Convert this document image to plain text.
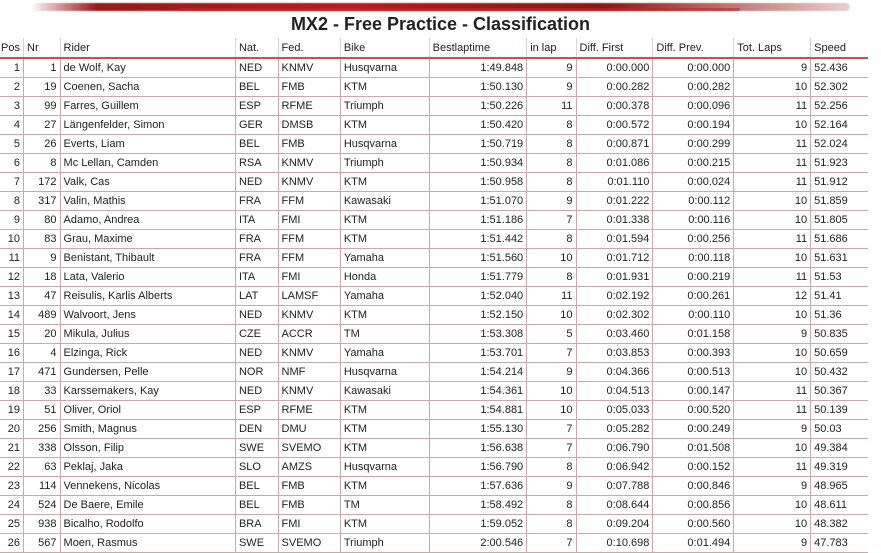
MX2 - Free Practice - Classification
Pos	Nr	Rider	Nat.	Fed.	Bike	Bestlaptime	in lap	Diff. First	Diff. Prev.	Tot. Laps	Speed
1	1	de Wolf, Kay	NED	KNMV	Husqvarna	1:49.848	9	0:00.000	0:00.000	9	52.436
2	19	Coenen, Sacha	BEL	FMB	KTM	1:50.130	9	0:00.282	0:00.282	10	52.302
3	99	Farres, Guillem	ESP	RFME	Triumph	1:50.226	11	0:00.378	0:00.096	11	52.256
4	27	Längenfelder, Simon	GER	DMSB	KTM	1:50.420	8	0:00.572	0:00.194	10	52.164
5	26	Everts, Liam	BEL	FMB	Husqvarna	1:50.719	8	0:00.871	0:00.299	11	52.024
6	8	Mc Lellan, Camden	RSA	KNMV	Triumph	1:50.934	8	0:01.086	0:00.215	11	51.923
7	172	Valk, Cas	NED	KNMV	KTM	1:50.958	8	0:01.110	0:00.024	11	51.912
8	317	Valin, Mathis	FRA	FFM	Kawasaki	1:51.070	9	0:01.222	0:00.112	10	51.859
9	80	Adamo, Andrea	ITA	FMI	KTM	1:51.186	7	0:01.338	0:00.116	10	51.805
10	83	Grau, Maxime	FRA	FFM	KTM	1:51.442	8	0:01.594	0:00.256	11	51.686
11	9	Benistant, Thibault	FRA	FFM	Yamaha	1:51.560	10	0:01.712	0:00.118	10	51.631
12	18	Lata, Valerio	ITA	FMI	Honda	1:51.779	8	0:01.931	0:00.219	11	51.53
13	47	Reisulis, Karlis Alberts	LAT	LAMSF	Yamaha	1:52.040	11	0:02.192	0:00.261	12	51.41
14	489	Walvoort, Jens	NED	KNMV	KTM	1:52.150	10	0:02.302	0:00.110	10	51.36
15	20	Mikula, Julius	CZE	ACCR	TM	1:53.308	5	0:03.460	0:01.158	9	50.835
16	4	Elzinga, Rick	NED	KNMV	Yamaha	1:53.701	7	0:03.853	0:00.393	10	50.659
17	471	Gundersen, Pelle	NOR	NMF	Husqvarna	1:54.214	9	0:04.366	0:00.513	10	50.432
18	33	Karssemakers, Kay	NED	KNMV	Kawasaki	1:54.361	10	0:04.513	0:00.147	11	50.367
19	51	Oliver, Oriol	ESP	RFME	KTM	1:54.881	10	0:05.033	0:00.520	11	50.139
20	256	Smith, Magnus	DEN	DMU	KTM	1:55.130	7	0:05.282	0:00.249	9	50.03
21	338	Olsson, Filip	SWE	SVEMO	KTM	1:56.638	7	0:06.790	0:01.508	10	49.384
22	63	Peklaj, Jaka	SLO	AMZS	Husqvarna	1:56.790	8	0:06.942	0:00.152	11	49.319
23	114	Vennekens, Nicolas	BEL	FMB	KTM	1:57.636	9	0:07.788	0:00.846	9	48.965
24	524	De Baere, Emile	BEL	FMB	TM	1:58.492	8	0:08.644	0:00.856	10	48.611
25	938	Bicalho, Rodolfo	BRA	FMI	KTM	1:59.052	8	0:09.204	0:00.560	10	48.382
26	567	Moen, Rasmus	SWE	SVEMO	Triumph	2:00.546	7	0:10.698	0:01.494	9	47.783
